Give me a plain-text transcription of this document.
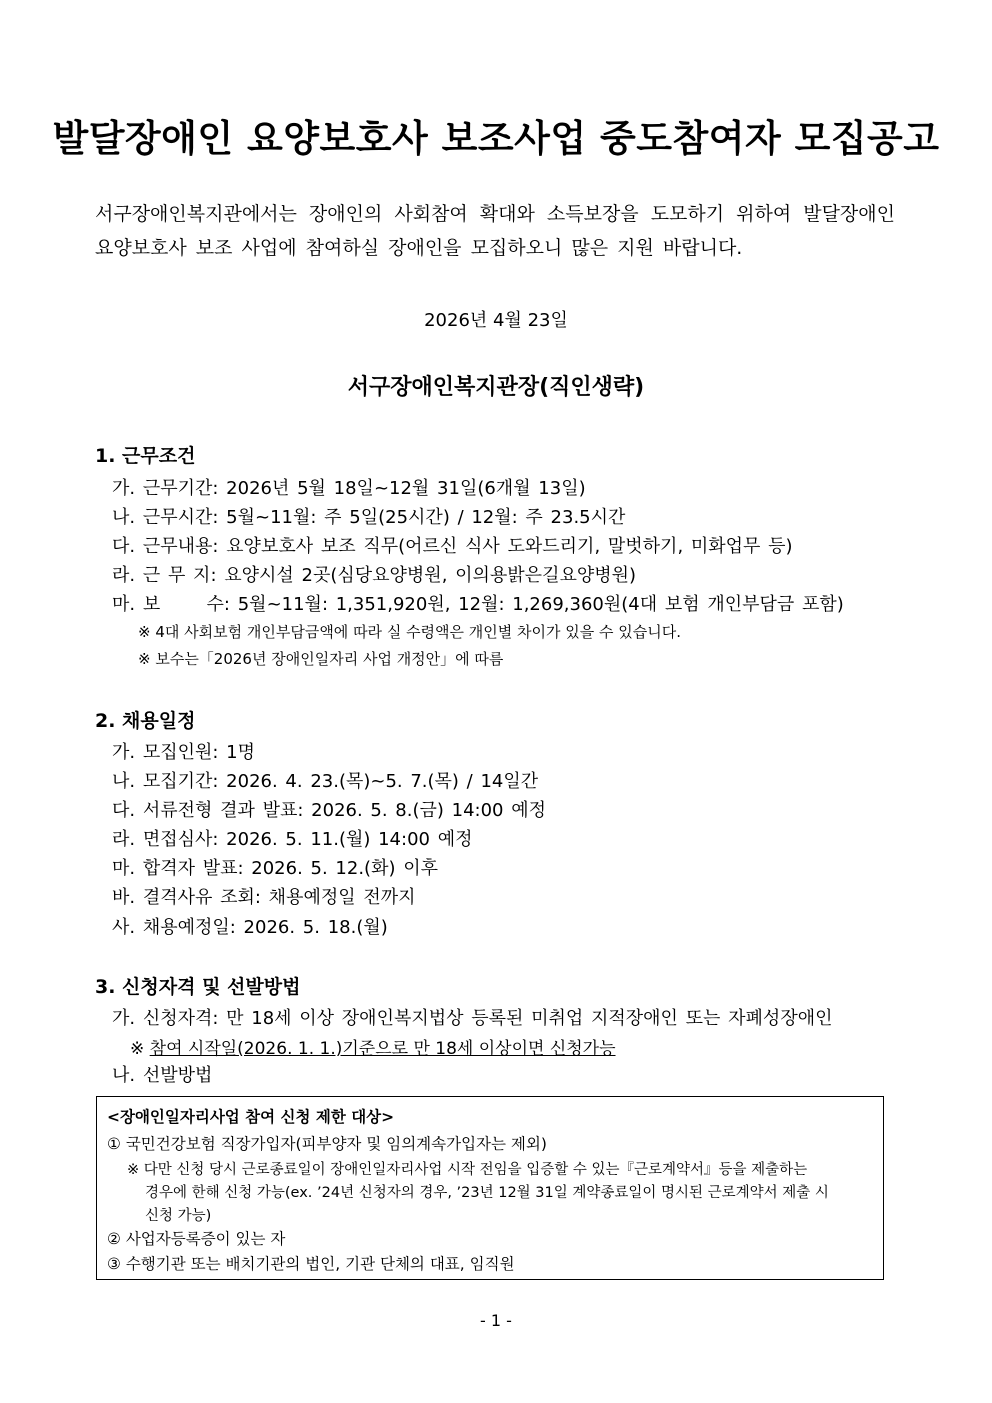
발달장애인 요양보호사 보조사업 중도참여자 모집공고
서구장애인복지관에서는 장애인의 사회참여 확대와 소득보장을 도모하기 위하여 발달장애인 요양보호사 보조 사업에 참여하실 장애인을 모집하오니 많은 지원 바랍니다.
2026년 4월 23일
서구장애인복지관장(직인생략)
1. 근무조건
가. 근무기간: 2026년 5월 18일~12월 31일(6개월 13일)
나. 근무시간: 5월~11월: 주 5일(25시간) / 12월: 주 23.5시간
다. 근무내용: 요양보호사 보조 직무(어르신 식사 도와드리기, 말벗하기, 미화업무 등)
라. 근 무 지: 요양시설 2곳(심당요양병원, 이의용밝은길요양병원)
마. 보      수: 5월~11월: 1,351,920원, 12월: 1,269,360원(4대 보험 개인부담금 포함)
※ 4대 사회보험 개인부담금액에 따라 실 수령액은 개인별 차이가 있을 수 있습니다.
※ 보수는「2026년 장애인일자리 사업 개정안」에 따름
2. 채용일정
가. 모집인원: 1명
나. 모집기간: 2026. 4. 23.(목)~5. 7.(목) / 14일간
다. 서류전형 결과 발표: 2026. 5. 8.(금) 14:00 예정
라. 면접심사: 2026. 5. 11.(월) 14:00 예정
마. 합격자 발표: 2026. 5. 12.(화) 이후
바. 결격사유 조회: 채용예정일 전까지
사. 채용예정일: 2026. 5. 18.(월)
3. 신청자격 및 선발방법
가. 신청자격: 만 18세 이상 장애인복지법상 등록된 미취업 지적장애인 또는 자폐성장애인
※ 참여 시작일(2026. 1. 1.)기준으로 만 18세 이상이면 신청가능
나. 선발방법
<장애인일자리사업 참여 신청 제한 대상>
① 국민건강보험 직장가입자(피부양자 및 임의계속가입자는 제외)
※ 다만 신청 당시 근로종료일이 장애인일자리사업 시작 전임을 입증할 수 있는『근로계약서』등을 제출하는
경우에 한해 신청 가능(ex. ’24년 신청자의 경우, ’23년 12월 31일 계약종료일이 명시된 근로계약서 제출 시
신청 가능)
② 사업자등록증이 있는 자
③ 수행기관 또는 배치기관의 법인, 기관 단체의 대표, 임직원
- 1 -
